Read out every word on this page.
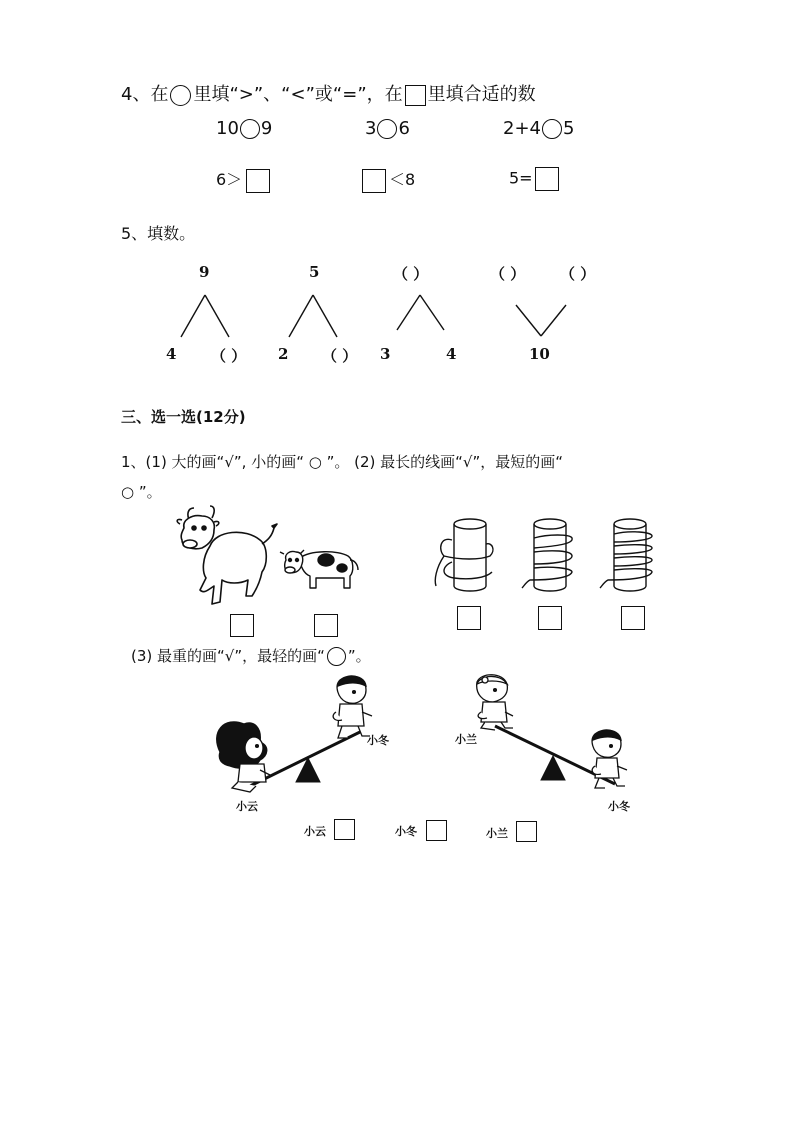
4、在 里填“>”、“<”或“=”，在 里填合适的数
10 9	3 6	2+4 5
6＞	＜8	5=
5、填数。
9
4 （ ）
5
2 （ ）
（ ）
3	4
（ ） （ ）
10
三、选一选(12分)
1、(1) 大的画“√”, 小的画“ ○ ”。 (2) 最长的线画“√”，最短的画“
○ ”。
(3) 最重的画“√”，最轻的画“ ”。
小冬
小云
小兰
小冬
小云	小冬	小兰
